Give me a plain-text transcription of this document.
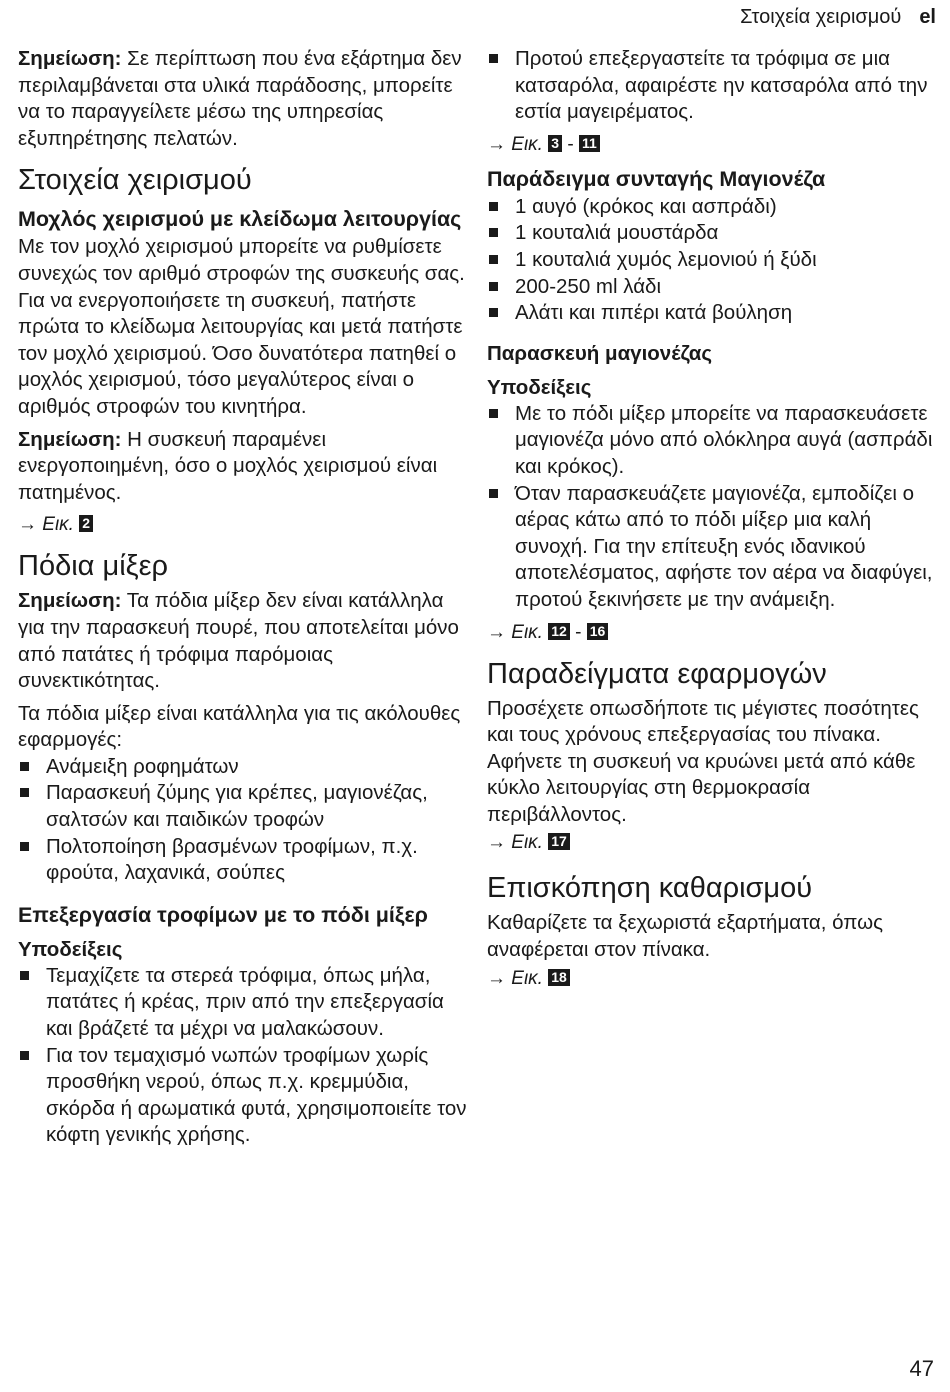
Στοιχεία χειρισμού el

Σημείωση: Σε περίπτωση που ένα εξάρτημα δεν περιλαμβάνεται στα υλικά παράδοσης, μπορείτε να το παραγγείλετε μέσω της υπηρεσίας εξυπηρέτησης πελατών.

Στοιχεία χειρισμού
Μοχλός χειρισμού με κλείδωμα λειτουργίας

Με τον μοχλό χειρισμού μπορείτε να ρυθμίσετε συνεχώς τον αριθμό στροφών της συσκευής σας.

Για να ενεργοποιήσετε τη συσκευή, πατήστε πρώτα το κλείδωμα λειτουργίας και μετά πατήστε τον μοχλό χειρισμού. Όσο δυνατότερα πατηθεί ο μοχλός χειρισμού, τόσο μεγαλύτερος είναι ο αριθμός στροφών του κινητήρα.

Σημείωση: Η συσκευή παραμένει ενεργοποιημένη, όσο ο μοχλός χειρισμού είναι πατημένος.

→ Εικ. 2
Πόδια μίξερ

Σημείωση: Τα πόδια μίξερ δεν είναι κατάλληλα για την παρασκευή πουρέ, που αποτελείται μόνο από πατάτες ή τρόφιμα παρόμοιας συνεκτικότητας.

Τα πόδια μίξερ είναι κατάλληλα για τις ακόλουθες εφαρμογές:

Ανάμειξη ροφημάτων
Παρασκευή ζύμης για κρέπες, μαγιονέζας, σαλτσών και παιδικών τροφών
Πολτοποίηση βρασμένων τροφίμων, π.χ. φρούτα, λαχανικά, σούπες
Επεξεργασία τροφίμων με το πόδι μίξερ
Υποδείξεις
Τεμαχίζετε τα στερεά τρόφιμα, όπως μήλα, πατάτες ή κρέας, πριν από την επεξεργασία και βράζετέ τα μέχρι να μαλακώσουν.
Για τον τεμαχισμό νωπών τροφίμων χωρίς προσθήκη νερού, όπως π.χ. κρεμμύδια, σκόρδα ή αρωματικά φυτά, χρησιμοποιείτε τον κόφτη γενικής χρήσης.
Προτού επεξεργαστείτε τα τρόφιμα σε μια κατσαρόλα, αφαιρέστε ην κατσαρόλα από την εστία μαγειρέματος.
→ Εικ. 3 - 11
Παράδειγμα συνταγής Μαγιονέζα
1 αυγό (κρόκος και ασπράδι)
1 κουταλιά μουστάρδα
1 κουταλιά χυμός λεμονιού ή ξύδι
200-250 ml λάδι
Αλάτι και πιπέρι κατά βούληση
Παρασκευή μαγιονέζας
Υποδείξεις
Με το πόδι μίξερ μπορείτε να παρασκευάσετε μαγιονέζα μόνο από ολόκληρα αυγά (ασπράδι και κρόκος).
Όταν παρασκευάζετε μαγιονέζα, εμποδίζει ο αέρας κάτω από το πόδι μίξερ μια καλή συνοχή. Για την επίτευξη ενός ιδανικού αποτελέσματος, αφήστε τον αέρα να διαφύγει, προτού ξεκινήσετε με την ανάμειξη.
→ Εικ. 12 - 16
Παραδείγματα εφαρμογών

Προσέχετε οπωσδήποτε τις μέγιστες ποσότητες και τους χρόνους επεξεργασίας του πίνακα.

Αφήνετε τη συσκευή να κρυώνει μετά από κάθε κύκλο λειτουργίας στη θερμοκρασία περιβάλλοντος.

→ Εικ. 17
Επισκόπηση καθαρισμού

Καθαρίζετε τα ξεχωριστά εξαρτήματα, όπως αναφέρεται στον πίνακα.

→ Εικ. 18
47
